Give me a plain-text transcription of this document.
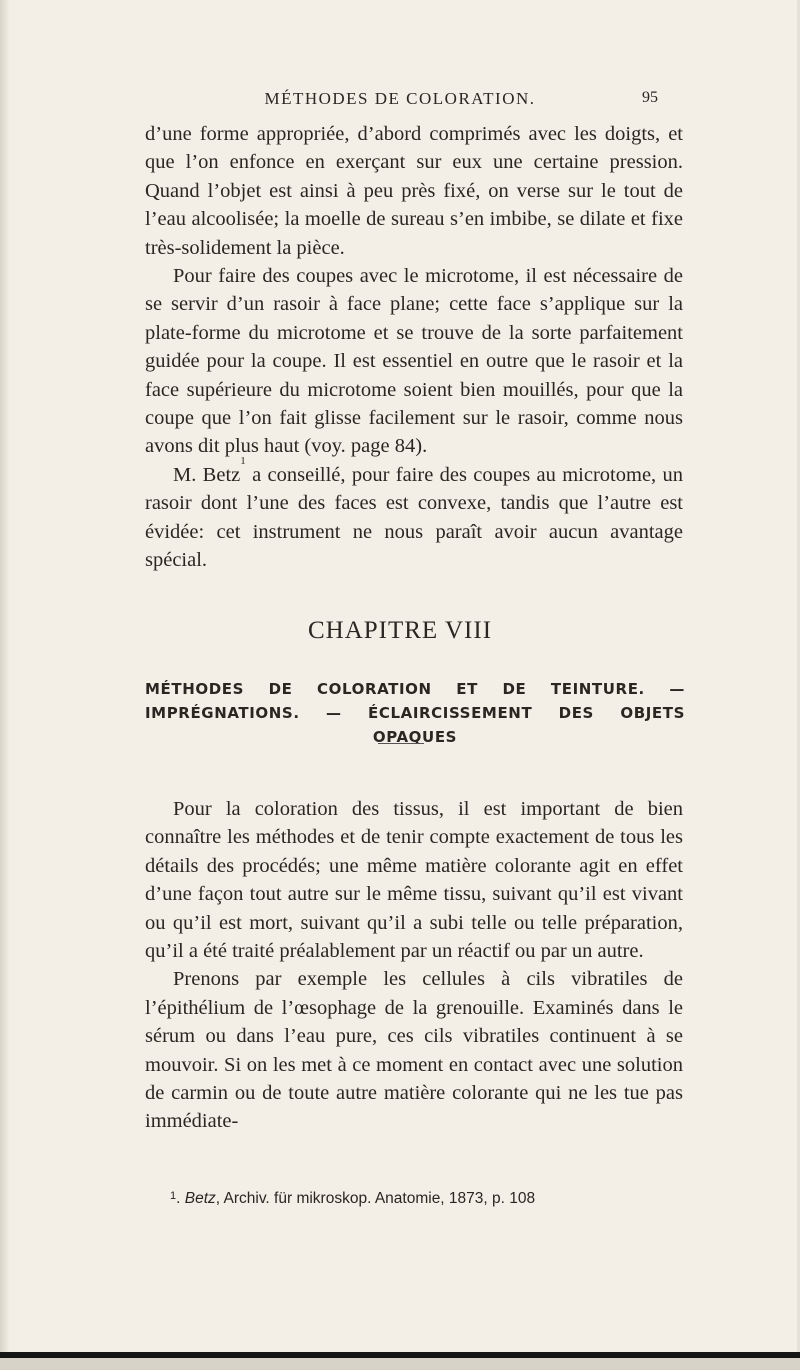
MÉTHODES DE COLORATION.	95

d’une forme appropriée, d’abord comprimés avec les doigts, et que l’on enfonce en exerçant sur eux une certaine pression. Quand l’objet est ainsi à peu près fixé, on verse sur le tout de l’eau alcoolisée; la moelle de sureau s’en imbibe, se dilate et fixe très-solidement la pièce.

Pour faire des coupes avec le microtome, il est nécessaire de se servir d’un rasoir à face plane; cette face s’applique sur la plate-forme du microtome et se trouve de la sorte parfaitement guidée pour la coupe. Il est essentiel en outre que le rasoir et la face supérieure du microtome soient bien mouillés, pour que la coupe que l’on fait glisse facilement sur le rasoir, comme nous avons dit plus haut (voy. page 84).

M. Betz$^1$ a conseillé, pour faire des coupes au microtome, un rasoir dont l’une des faces est convexe, tandis que l’autre est évidée: cet instrument ne nous paraît avoir aucun avantage spécial.

CHAPITRE VIII
MÉTHODES DE COLORATION ET DE TEINTURE. — IMPRÉGNATIONS. — ÉCLAIRCISSEMENT DES OBJETS OPAQUES

Pour la coloration des tissus, il est important de bien connaître les méthodes et de tenir compte exactement de tous les détails des procédés; une même matière colorante agit en effet d’une façon tout autre sur le même tissu, suivant qu’il est vivant ou qu’il est mort, suivant qu’il a subi telle ou telle préparation, qu’il a été traité préalablement par un réactif ou par un autre.

Prenons par exemple les cellules à cils vibratiles de l’épithélium de l’œsophage de la grenouille. Examinés dans le sérum ou dans l’eau pure, ces cils vibratiles continuent à se mouvoir. Si on les met à ce moment en contact avec une solution de carmin ou de toute autre matière colorante qui ne les tue pas immédiate-

$^1$. Betz, Archiv. für mikroskop. Anatomie, 1873, p. 108
